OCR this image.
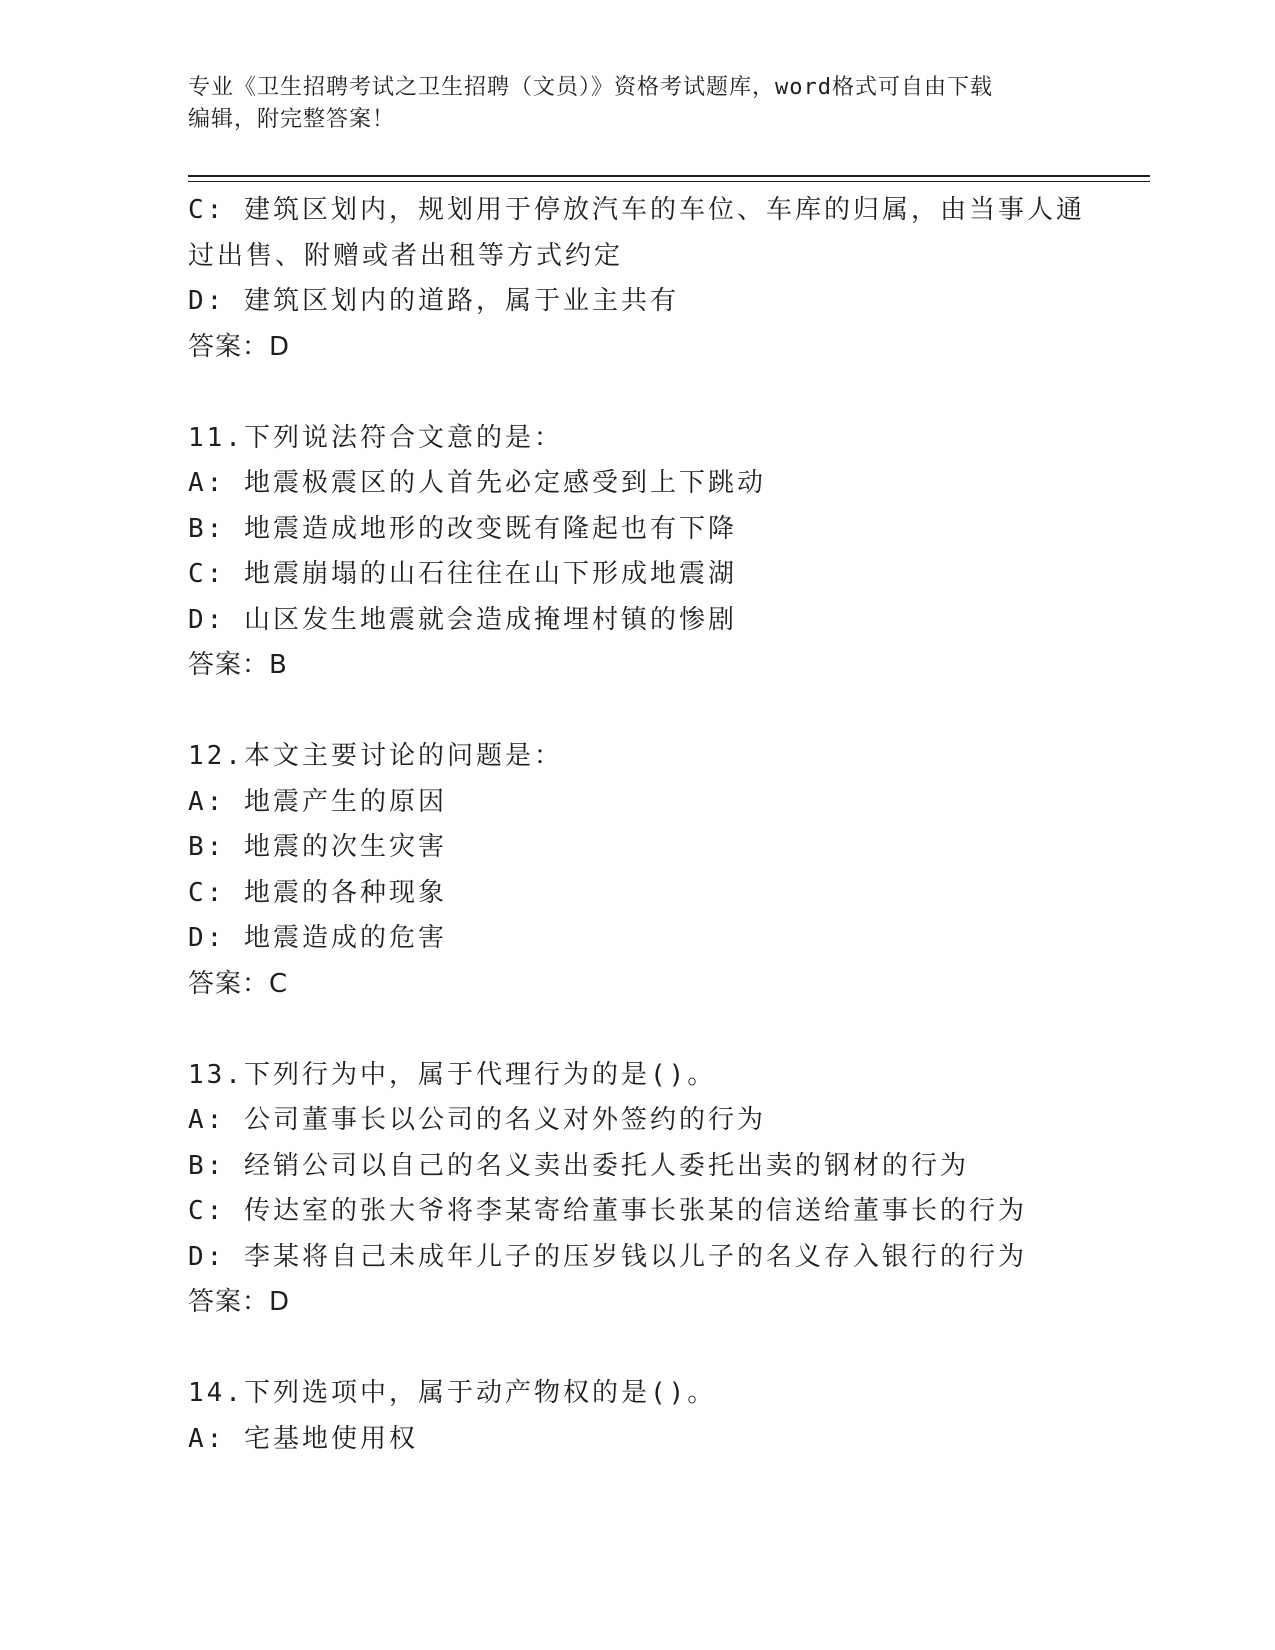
专业《卫生招聘考试之卫生招聘（文员）》资格考试题库，word格式可自由下载
编辑，附完整答案！
C: 建筑区划内，规划用于停放汽车的车位、车库的归属，由当事人通
过出售、附赠或者出租等方式约定
D: 建筑区划内的道路，属于业主共有
答案：D
11.下列说法符合文意的是：
A: 地震极震区的人首先必定感受到上下跳动
B: 地震造成地形的改变既有隆起也有下降
C: 地震崩塌的山石往往在山下形成地震湖
D: 山区发生地震就会造成掩埋村镇的惨剧
答案：B
12.本文主要讨论的问题是：
A: 地震产生的原因
B: 地震的次生灾害
C: 地震的各种现象
D: 地震造成的危害
答案：C
13.下列行为中，属于代理行为的是()。
A: 公司董事长以公司的名义对外签约的行为
B: 经销公司以自己的名义卖出委托人委托出卖的钢材的行为
C: 传达室的张大爷将李某寄给董事长张某的信送给董事长的行为
D: 李某将自己未成年儿子的压岁钱以儿子的名义存入银行的行为
答案：D
14.下列选项中，属于动产物权的是()。
A: 宅基地使用权
